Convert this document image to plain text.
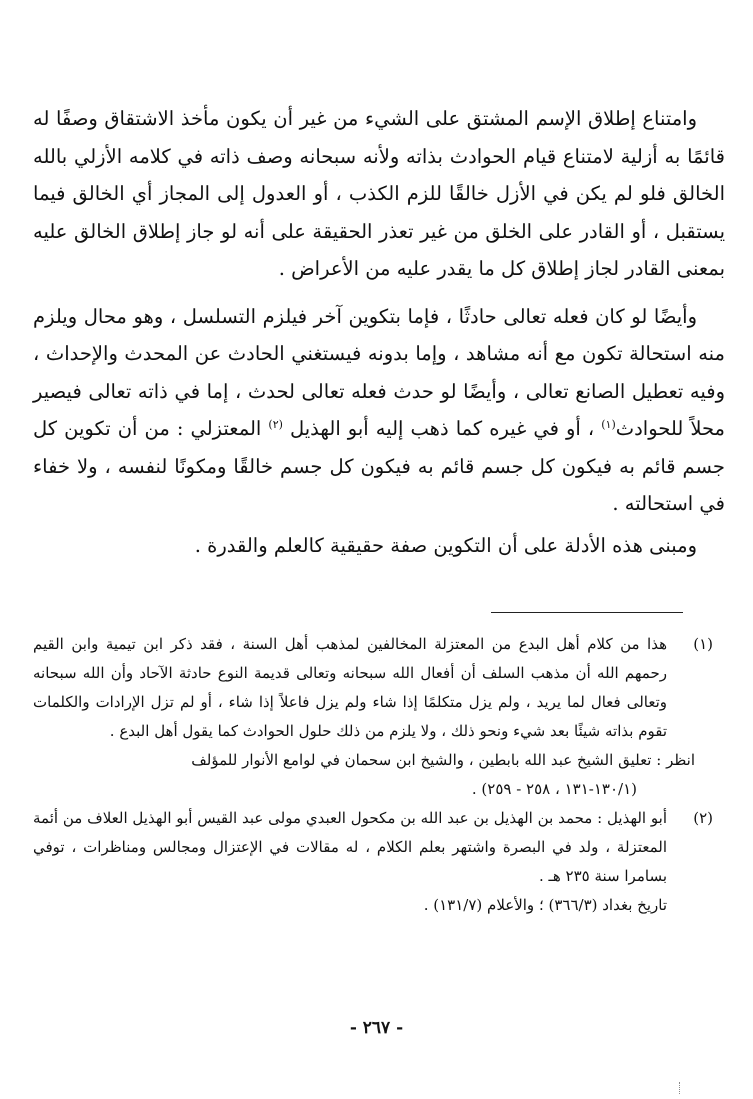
وامتناع إطلاق الإسم المشتق على الشيء من غير أن يكون مأخذ الاشتقاق وصفًا له قائمًا به أزلية لامتناع قيام الحوادث بذاته ولأنه سبحانه وصف ذاته في كلامه الأزلي بالله الخالق فلو لم يكن في الأزل خالقًا للزم الكذب ، أو العدول إلى المجاز أي الخالق فيما يستقبل ، أو القادر على الخلق من غير تعذر الحقيقة على أنه لو جاز إطلاق الخالق عليه بمعنى القادر لجاز إطلاق كل ما يقدر عليه من الأعراض .

وأيضًا لو كان فعله تعالى حادثًا ، فإما بتكوين آخر فيلزم التسلسل ، وهو محال ويلزم منه استحالة تكون مع أنه مشاهد ، وإما بدونه فيستغني الحادث عن المحدث والإحداث ، وفيه تعطيل الصانع تعالى ، وأيضًا لو حدث فعله تعالى لحدث ، إما في ذاته تعالى فيصير محلاً للحوادث$^{(١)}$ ، أو في غيره كما ذهب إليه أبو الهذيل $^{(٢)}$ المعتزلي : من أن تكوين كل جسم قائم به فيكون كل جسم قائم به فيكون كل جسم خالقًا ومكونًا لنفسه ، ولا خفاء في استحالته .

ومبنى هذه الأدلة على أن التكوين صفة حقيقية كالعلم والقدرة .

(١)
هذا من كلام أهل البدع من المعتزلة المخالفين لمذهب أهل السنة ، فقد ذكر ابن تيمية وابن القيم رحمهم الله أن مذهب السلف أن أفعال الله سبحانه وتعالى قديمة النوع حادثة الآحاد وأن الله سبحانه وتعالى فعال لما يريد ، ولم يزل متكلمًا إذا شاء ولم يزل فاعلاً إذا شاء ، أو لم تزل الإرادات والكلمات تقوم بذاته شيئًا بعد شيء ونحو ذلك ، ولا يلزم من ذلك حلول الحوادث كما يقول أهل البدع .
انظر : تعليق الشيخ عبد الله بابطين ، والشيخ ابن سحمان في لوامع الأنوار للمؤلف
(١٣٠/١-١٣١ ، ٢٥٨ - ٢٥٩) .
(٢)
أبو الهذيل : محمد بن الهذيل بن عبد الله بن مكحول العبدي مولى عبد القيس أبو الهذيل العلاف من أئمة المعتزلة ، ولد في البصرة واشتهر بعلم الكلام ، له مقالات في الإعتزال ومجالس ومناظرات ، توفي بسامرا سنة ٢٣٥ هـ .
تاريخ بغداد (٣٦٦/٣) ؛ والأعلام (١٣١/٧) .
- ٢٦٧ -
